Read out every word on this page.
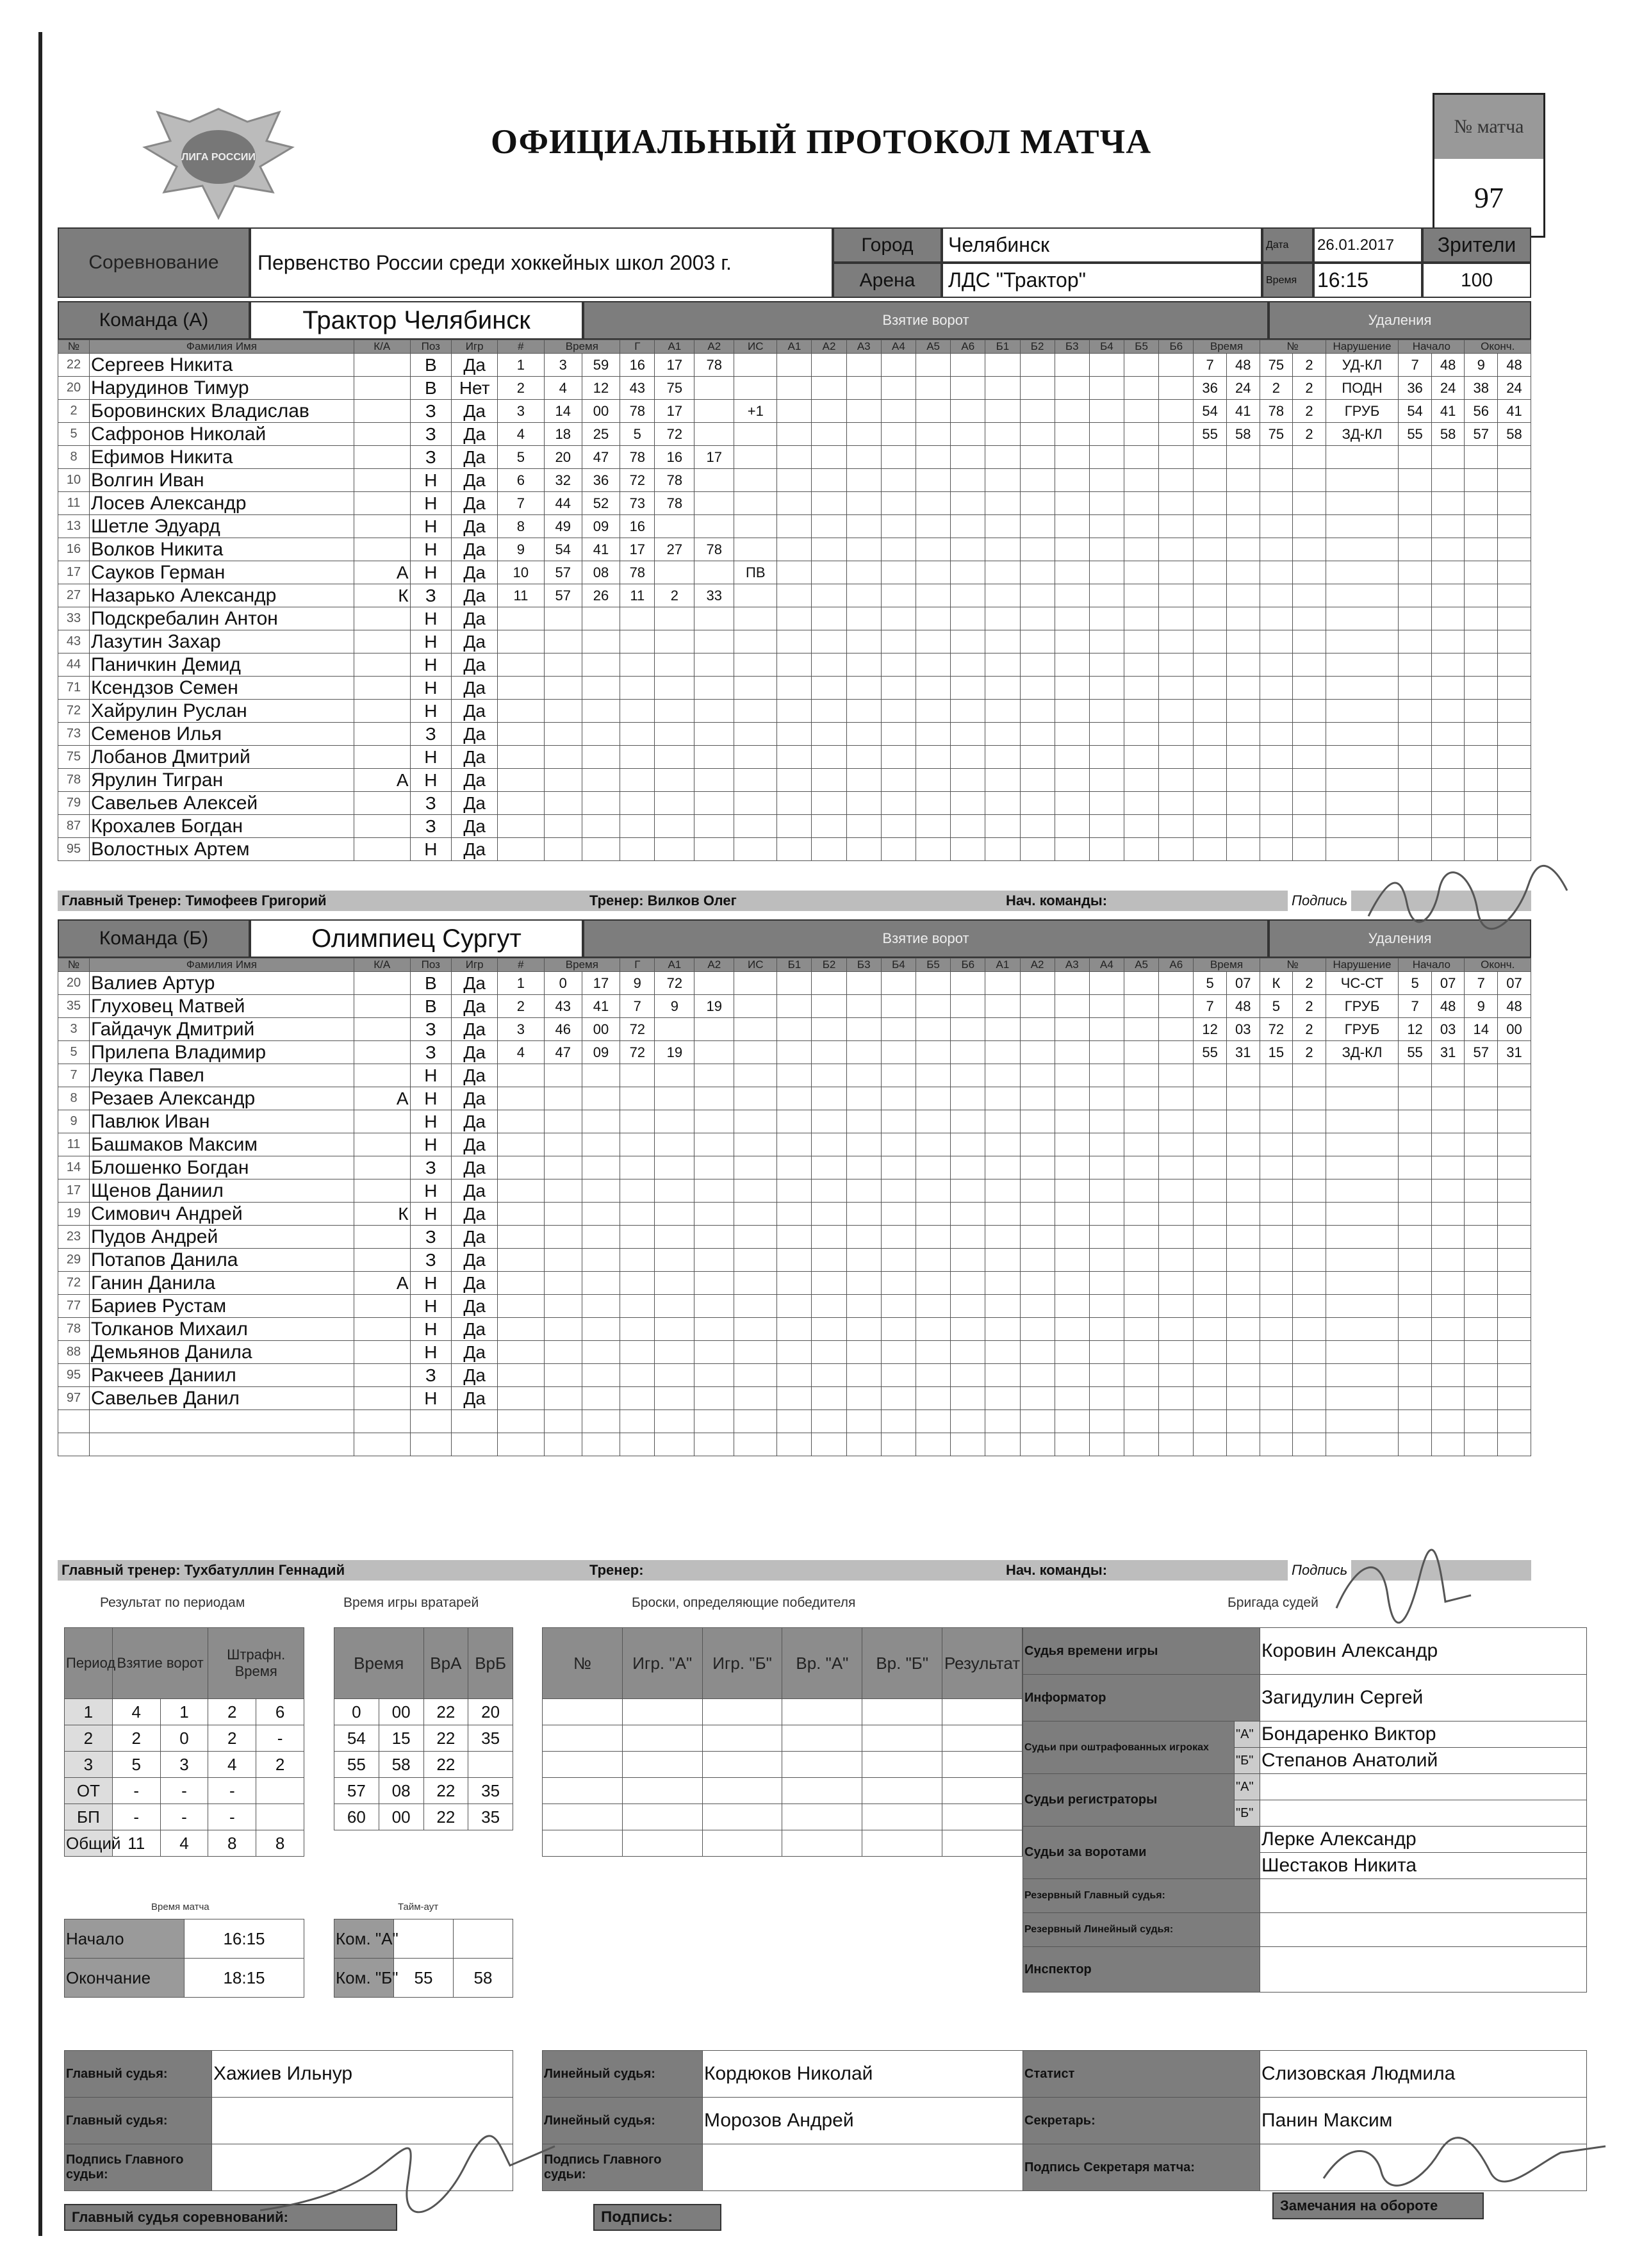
ЛИГА РОССИИ	ОФИЦИАЛЬНЫЙ ПРОТОКОЛ МАТЧА	№ матча
97
Соревнование	Первенство России среди хоккейных школ 2003 г.
Город	Челябинск
Арена	ЛДС "Трактор"
Дата	26.01.2017
Время 16:15
Зрители
100
Команда (А)	Трактор Челябинск	Взятие ворот	Удаления
№	Фамилия Имя	К/А	Поз	Игр	#	Время		Г	А1	А2	ИС	А1	А2	А3	А4	А5	А6	Б1	Б2	Б3	Б4	Б5	Б6	Время		№		Нарушение	Начало		Оконч.	
22	Сергеев Никита		В	Да	1	3	59	16	17	78														7	48	75	2	УД-КЛ	7	48	9	48
20	Нарудинов Тимур		В	Нет	2	4	12	43	75															36	24	2	2	ПОДН	36	24	38	24
2	Боровинских Владислав		З	Да	3	14	00	78	17		+1													54	41	78	2	ГРУБ	54	41	56	41
5	Сафронов Николай		З	Да	4	18	25	5	72															55	58	75	2	ЗД-КЛ	55	58	57	58
8	Ефимов Никита		З	Да	5	20	47	78	16	17																						
10	Волгин Иван		Н	Да	6	32	36	72	78																							
11	Лосев Александр		Н	Да	7	44	52	73	78																							
13	Шетле Эдуард		Н	Да	8	49	09	16																								
16	Волков Никита		Н	Да	9	54	41	17	27	78																						
17	Сауков Герман	А	Н	Да	10	57	08	78			ПВ																					
27	Назарько Александр	К	З	Да	11	57	26	11	2	33																						
33	Подскребалин Антон		Н	Да																												
43	Лазутин Захар		Н	Да																												
44	Паничкин Демид		Н	Да																												
71	Ксендзов Семен		Н	Да																												
72	Хайрулин Руслан		Н	Да																												
73	Семенов Илья		З	Да																												
75	Лобанов Дмитрий		Н	Да																												
78	Ярулин Тигран	А	Н	Да																												
79	Савельев Алексей		З	Да																												
87	Крохалев Богдан		З	Да																												
95	Волостных Артем		Н	Да																												
Главный Тренер: Тимофеев Григорий	Тренер: Вилков Олег	Нач. команды:	Подпись
Команда (Б)	Олимпиец Сургут	Взятие ворот	Удаления
№	Фамилия Имя	К/А	Поз	Игр	#	Время		Г	А1	А2	ИС	Б1	Б2	Б3	Б4	Б5	Б6	А1	А2	А3	А4	А5	А6	Время		№		Нарушение	Начало		Оконч.	
20	Валиев Артур		В	Да	1	0	17	9	72															5	07	К	2	ЧС-СТ	5	07	7	07
35	Глуховец Матвей		В	Да	2	43	41	7	9	19														7	48	5	2	ГРУБ	7	48	9	48
3	Гайдачук Дмитрий		З	Да	3	46	00	72																12	03	72	2	ГРУБ	12	03	14	00
5	Прилепа Владимир		З	Да	4	47	09	72	19															55	31	15	2	ЗД-КЛ	55	31	57	31
7	Леука Павел		Н	Да																												
8	Резаев Александр	А	Н	Да																												
9	Павлюк Иван		Н	Да																												
11	Башмаков Максим		Н	Да																												
14	Блошенко Богдан		З	Да																												
17	Щенов Даниил		Н	Да																												
19	Симович Андрей	К	Н	Да																												
23	Пудов Андрей		З	Да																												
29	Потапов Данила		З	Да																												
72	Ганин Данила	А	Н	Да																												
77	Бариев Рустам		Н	Да																												
78	Толканов Михаил		Н	Да																												
88	Демьянов Данила		Н	Да																												
95	Ракчеев Даниил		З	Да																												
97	Савельев Данил		Н	Да																												

Главный тренер: Тухбатуллин Геннадий	Тренер:	Нач. команды:	Подпись
Результат по периодам	Время игры вратарей	Броски, определяющие победителя	Бригада судей
Период	Взятие ворот		Штрафн. Время	
1	4	1	2	6
2	2	0	2	-
3	5	3	4	2
ОТ	-	-	-	
БП	-	-	-	
Общий	11	4	8	8
Время		ВрА	ВрБ
0	00	22	20
54	15	22	35
55	58	22	
57	08	22	35
60	00	22	35
№	Игр. "А"	Игр. "Б"	Вр. "А"	Вр. "Б"	Результат

Время матча	Тайм-аут
Начало	16:15
Окончание	18:15
Ком. "А"		
Ком. "Б"	55	58
Судья времени игры		Коровин Александр
Информатор		Загидулин Сергей
Судьи при оштрафованных игроках	"А"	Бондаренко Виктор
	"Б"	Степанов Анатолий
Судьи регистраторы	"А"	
	"Б"	
Судьи за воротами		Лерке Александр
		Шестаков Никита
Резервный Главный судья:		
Резервный Линейный судья:		
Инспектор		
Главный судья:	Хажиев Ильнур
Главный судья:	
Подпись Главного судьи:	
Линейный судья:	Кордюков Николай
Линейный судья:	Морозов Андрей
Подпись Главного судьи:	
Статист	Слизовская Людмила
Секретарь:	Панин Максим
Подпись Секретаря матча:	
Главный судья соревнований:	Подпись:
Замечания на обороте
